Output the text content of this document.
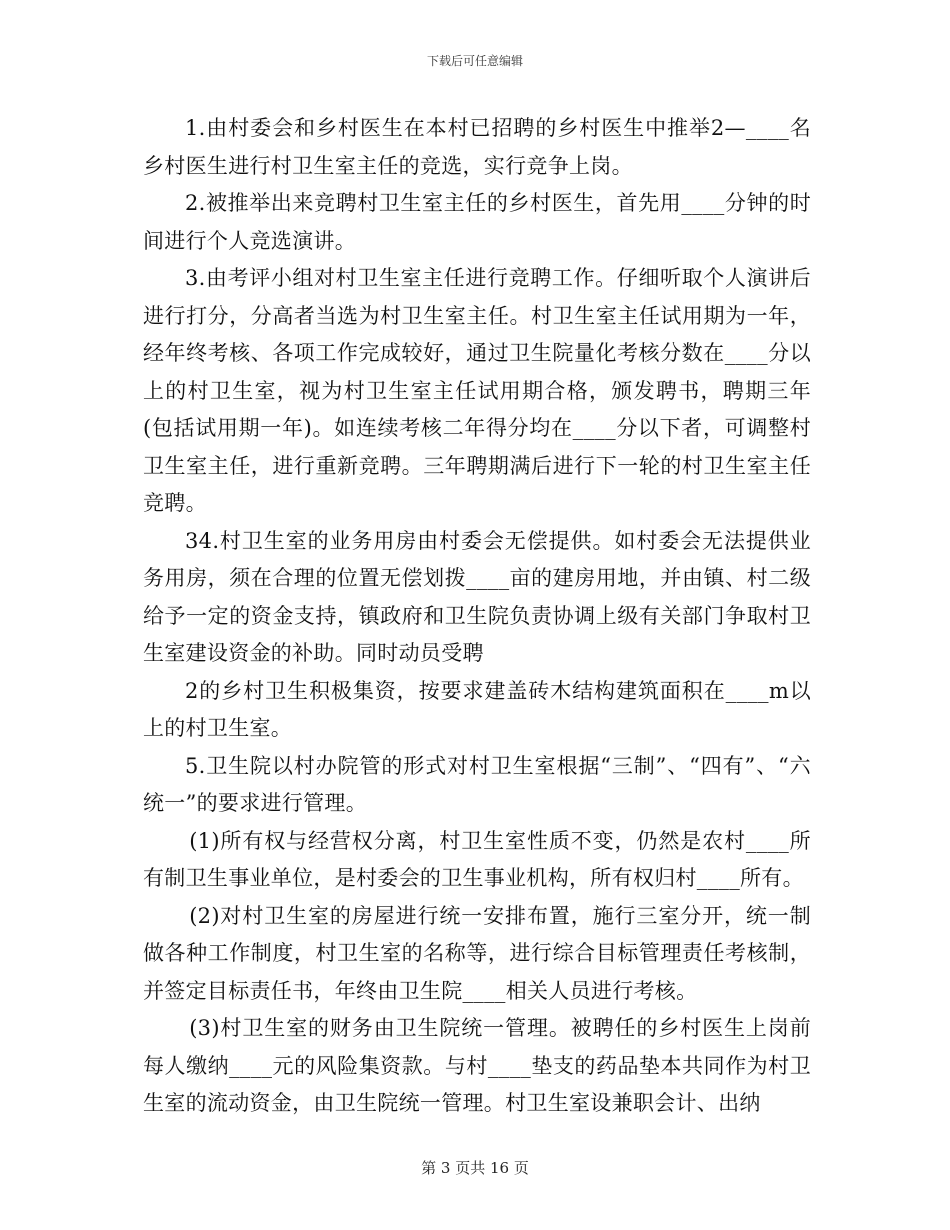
下载后可任意编辑

1.由村委会和乡村医生在本村已招聘的乡村医生中推举2—____名乡村医生进行村卫生室主任的竞选，实行竞争上岗。

2.被推举出来竞聘村卫生室主任的乡村医生，首先用____分钟的时间进行个人竞选演讲。

3.由考评小组对村卫生室主任进行竞聘工作。仔细听取个人演讲后进行打分，分高者当选为村卫生室主任。村卫生室主任试用期为一年，经年终考核、各项工作完成较好，通过卫生院量化考核分数在____分以上的村卫生室，视为村卫生室主任试用期合格，颁发聘书，聘期三年(包括试用期一年)。如连续考核二年得分均在____分以下者，可调整村卫生室主任，进行重新竞聘。三年聘期满后进行下一轮的村卫生室主任竞聘。

34.村卫生室的业务用房由村委会无偿提供。如村委会无法提供业务用房，须在合理的位置无偿划拨____亩的建房用地，并由镇、村二级给予一定的资金支持，镇政府和卫生院负责协调上级有关部门争取村卫生室建设资金的补助。同时动员受聘

2的乡村卫生积极集资，按要求建盖砖木结构建筑面积在____m以上的村卫生室。

5.卫生院以村办院管的形式对村卫生室根据“三制”、“四有”、“六统一”的要求进行管理。

(1)所有权与经营权分离，村卫生室性质不变，仍然是农村____所有制卫生事业单位，是村委会的卫生事业机构，所有权归村____所有。

(2)对村卫生室的房屋进行统一安排布置，施行三室分开，统一制做各种工作制度，村卫生室的名称等，进行综合目标管理责任考核制，并签定目标责任书，年终由卫生院____相关人员进行考核。

(3)村卫生室的财务由卫生院统一管理。被聘任的乡村医生上岗前每人缴纳____元的风险集资款。与村____垫支的药品垫本共同作为村卫生室的流动资金，由卫生院统一管理。村卫生室设兼职会计、出纳

第 3 页共 16 页
